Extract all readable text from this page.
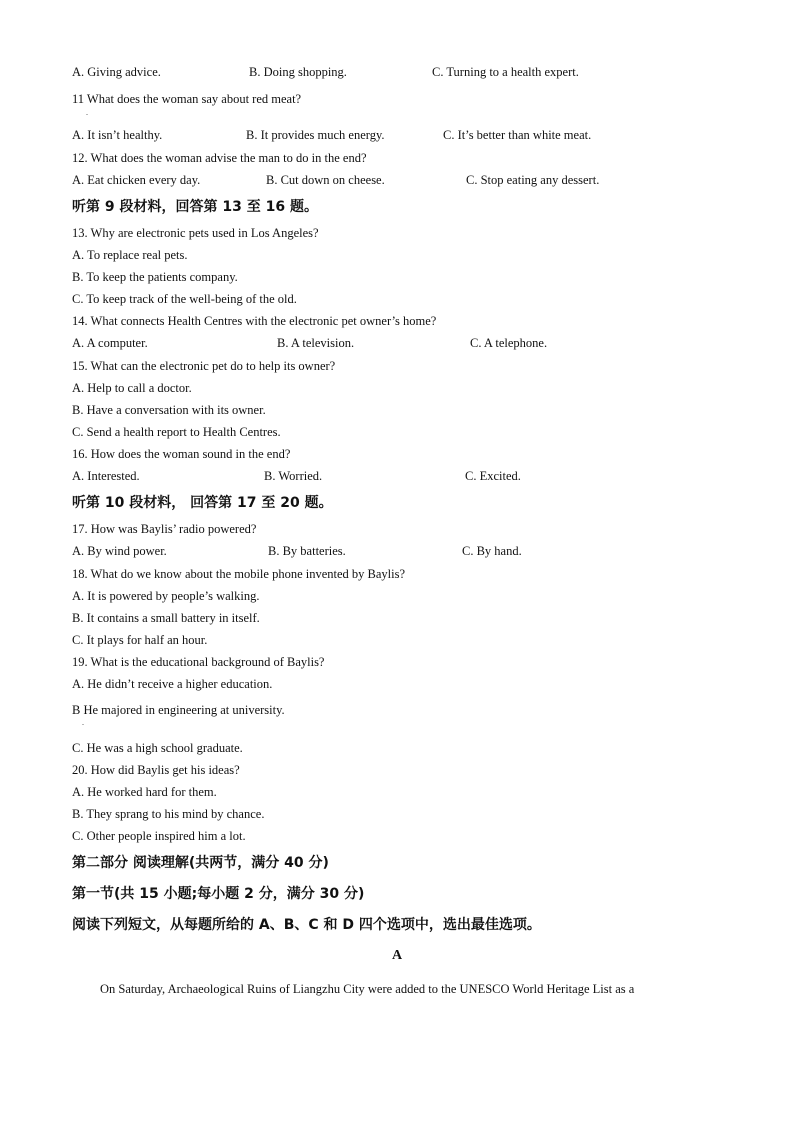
A. Giving advice.	B. Doing shopping.	C. Turning to a health expert.
11 What does the woman say about red meat?
.
A. It isn’t healthy.	B. It provides much energy.	C. It’s better than white meat.
12. What does the woman advise the man to do in the end?
A. Eat chicken every day.	B. Cut down on cheese.	C. Stop eating any dessert.
听第 9 段材料，回答第 13 至 16 题。
13. Why are electronic pets used in Los Angeles?
A. To replace real pets.
B. To keep the patients company.
C. To keep track of the well-being of the old.
14. What connects Health Centres with the electronic pet owner’s home?
A. A computer.	B. A television.	C. A telephone.
15. What can the electronic pet do to help its owner?
A. Help to call a doctor.
B. Have a conversation with its owner.
C. Send a health report to Health Centres.
16. How does the woman sound in the end?
A. Interested.	B. Worried.	C. Excited.
听第 10 段材料， 回答第 17 至 20 题。
17. How was Baylis’ radio powered?
A. By wind power.	B. By batteries.	C. By hand.
18. What do we know about the mobile phone invented by Baylis?
A. It is powered by people’s walking.
B. It contains a small battery in itself.
C. It plays for half an hour.
19. What is the educational background of Baylis?
A. He didn’t receive a higher education.
B He majored in engineering at university.
.
C. He was a high school graduate.
20. How did Baylis get his ideas?
A. He worked hard for them.
B. They sprang to his mind by chance.
C. Other people inspired him a lot.
第二部分 阅读理解(共两节，满分 40 分)
第一节(共 15 小题;每小题 2 分，满分 30 分)
阅读下列短文，从每题所给的 A、B、C 和 D 四个选项中，选出最佳选项。
A
On Saturday, Archaeological Ruins of Liangzhu City were added to the UNESCO World Heritage List as a
